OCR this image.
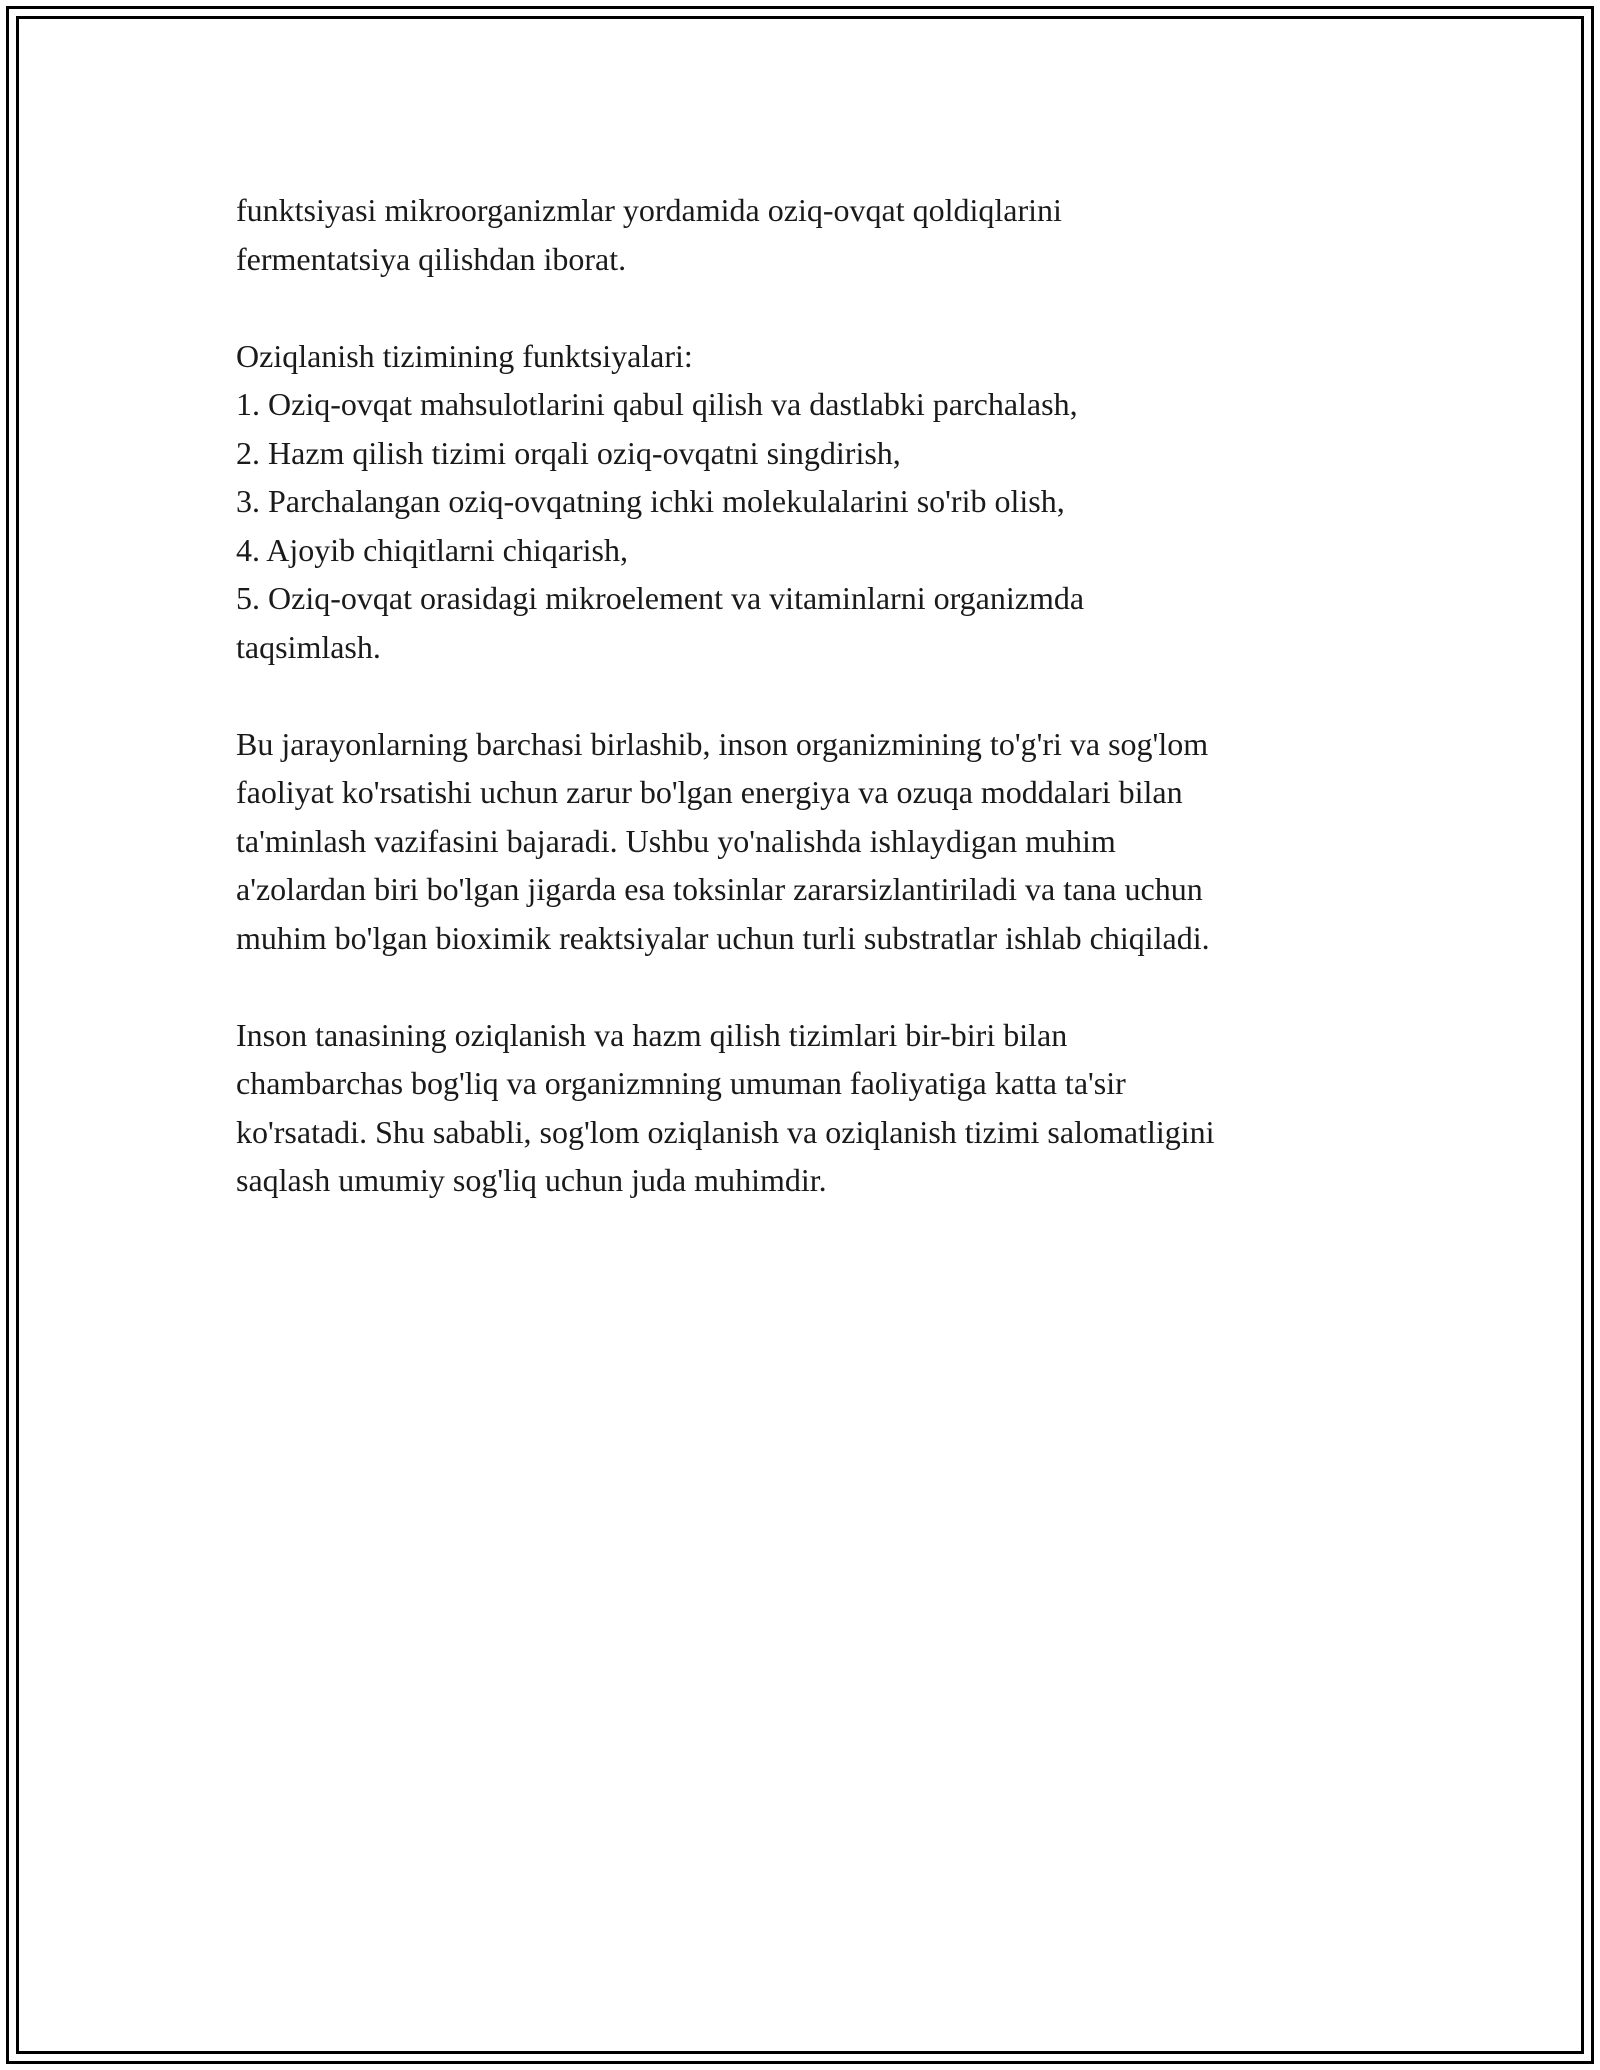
funktsiyasi mikroorganizmlar yordamida oziq-ovqat qoldiqlarini
fermentatsiya qilishdan iborat.

Oziqlanish tizimining funktsiyalari:
1. Oziq-ovqat mahsulotlarini qabul qilish va dastlabki parchalash,
2. Hazm qilish tizimi orqali oziq-ovqatni singdirish,
3. Parchalangan oziq-ovqatning ichki molekulalarini so'rib olish,
4. Ajoyib chiqitlarni chiqarish,
5. Oziq-ovqat orasidagi mikroelement va vitaminlarni organizmda
taqsimlash.

Bu jarayonlarning barchasi birlashib, inson organizmining to'g'ri va sog'lom
faoliyat ko'rsatishi uchun zarur bo'lgan energiya va ozuqa moddalari bilan
ta'minlash vazifasini bajaradi. Ushbu yo'nalishda ishlaydigan muhim
a'zolardan biri bo'lgan jigarda esa toksinlar zararsizlantiriladi va tana uchun
muhim bo'lgan bioximik reaktsiyalar uchun turli substratlar ishlab chiqiladi.

Inson tanasining oziqlanish va hazm qilish tizimlari bir-biri bilan
chambarchas bog'liq va organizmning umuman faoliyatiga katta ta'sir
ko'rsatadi. Shu sababli, sog'lom oziqlanish va oziqlanish tizimi salomatligini
saqlash umumiy sog'liq uchun juda muhimdir.
